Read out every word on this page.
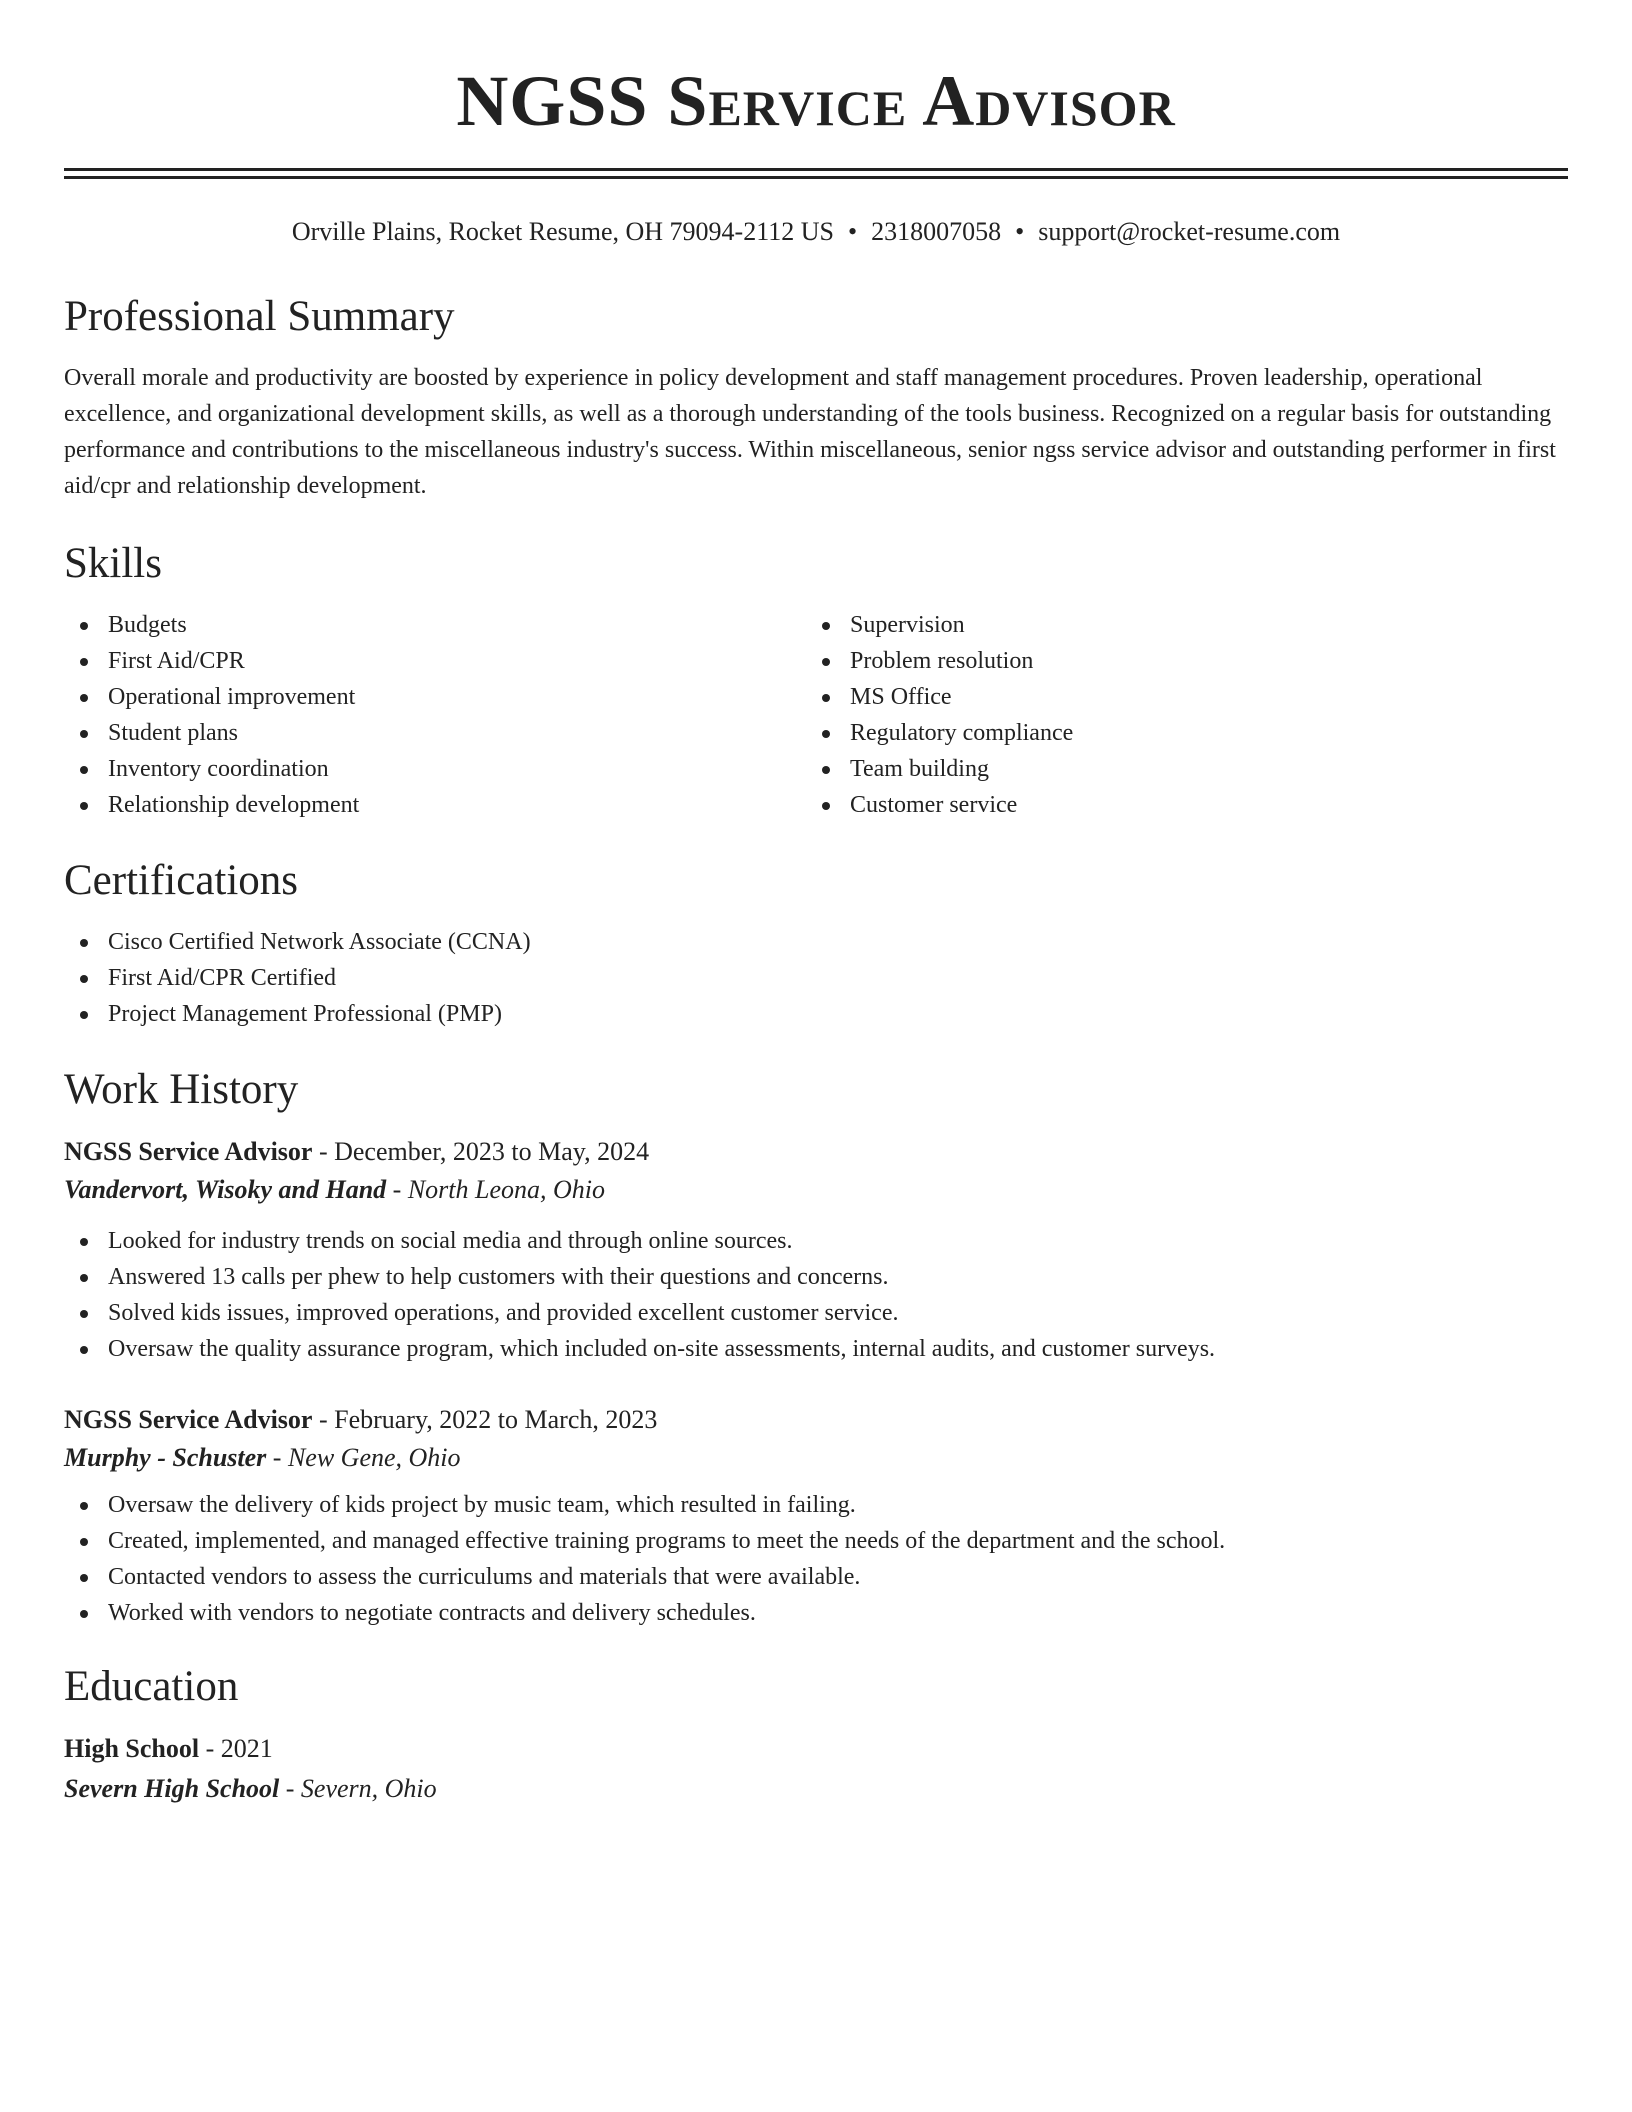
NGSS Service Advisor
Orville Plains, Rocket Resume, OH 79094-2112 US • 2318007058 • support@rocket-resume.com
Professional Summary

Overall morale and productivity are boosted by experience in policy development and staff management procedures. Proven leadership, operational excellence, and organizational development skills, as well as a thorough understanding of the tools business. Recognized on a regular basis for outstanding performance and contributions to the miscellaneous industry's success. Within miscellaneous, senior ngss service advisor and outstanding performer in first aid/cpr and relationship development.

Skills
Budgets
First Aid/CPR
Operational improvement
Student plans
Inventory coordination
Relationship development
Supervision
Problem resolution
MS Office
Regulatory compliance
Team building
Customer service
Certifications
Cisco Certified Network Associate (CCNA)
First Aid/CPR Certified
Project Management Professional (PMP)
Work History
NGSS Service Advisor - December, 2023 to May, 2024
Vandervort, Wisoky and Hand - North Leona, Ohio
Looked for industry trends on social media and through online sources.
Answered 13 calls per phew to help customers with their questions and concerns.
Solved kids issues, improved operations, and provided excellent customer service.
Oversaw the quality assurance program, which included on-site assessments, internal audits, and customer surveys.
NGSS Service Advisor - February, 2022 to March, 2023
Murphy - Schuster - New Gene, Ohio
Oversaw the delivery of kids project by music team, which resulted in failing.
Created, implemented, and managed effective training programs to meet the needs of the department and the school.
Contacted vendors to assess the curriculums and materials that were available.
Worked with vendors to negotiate contracts and delivery schedules.
Education
High School - 2021
Severn High School - Severn, Ohio
